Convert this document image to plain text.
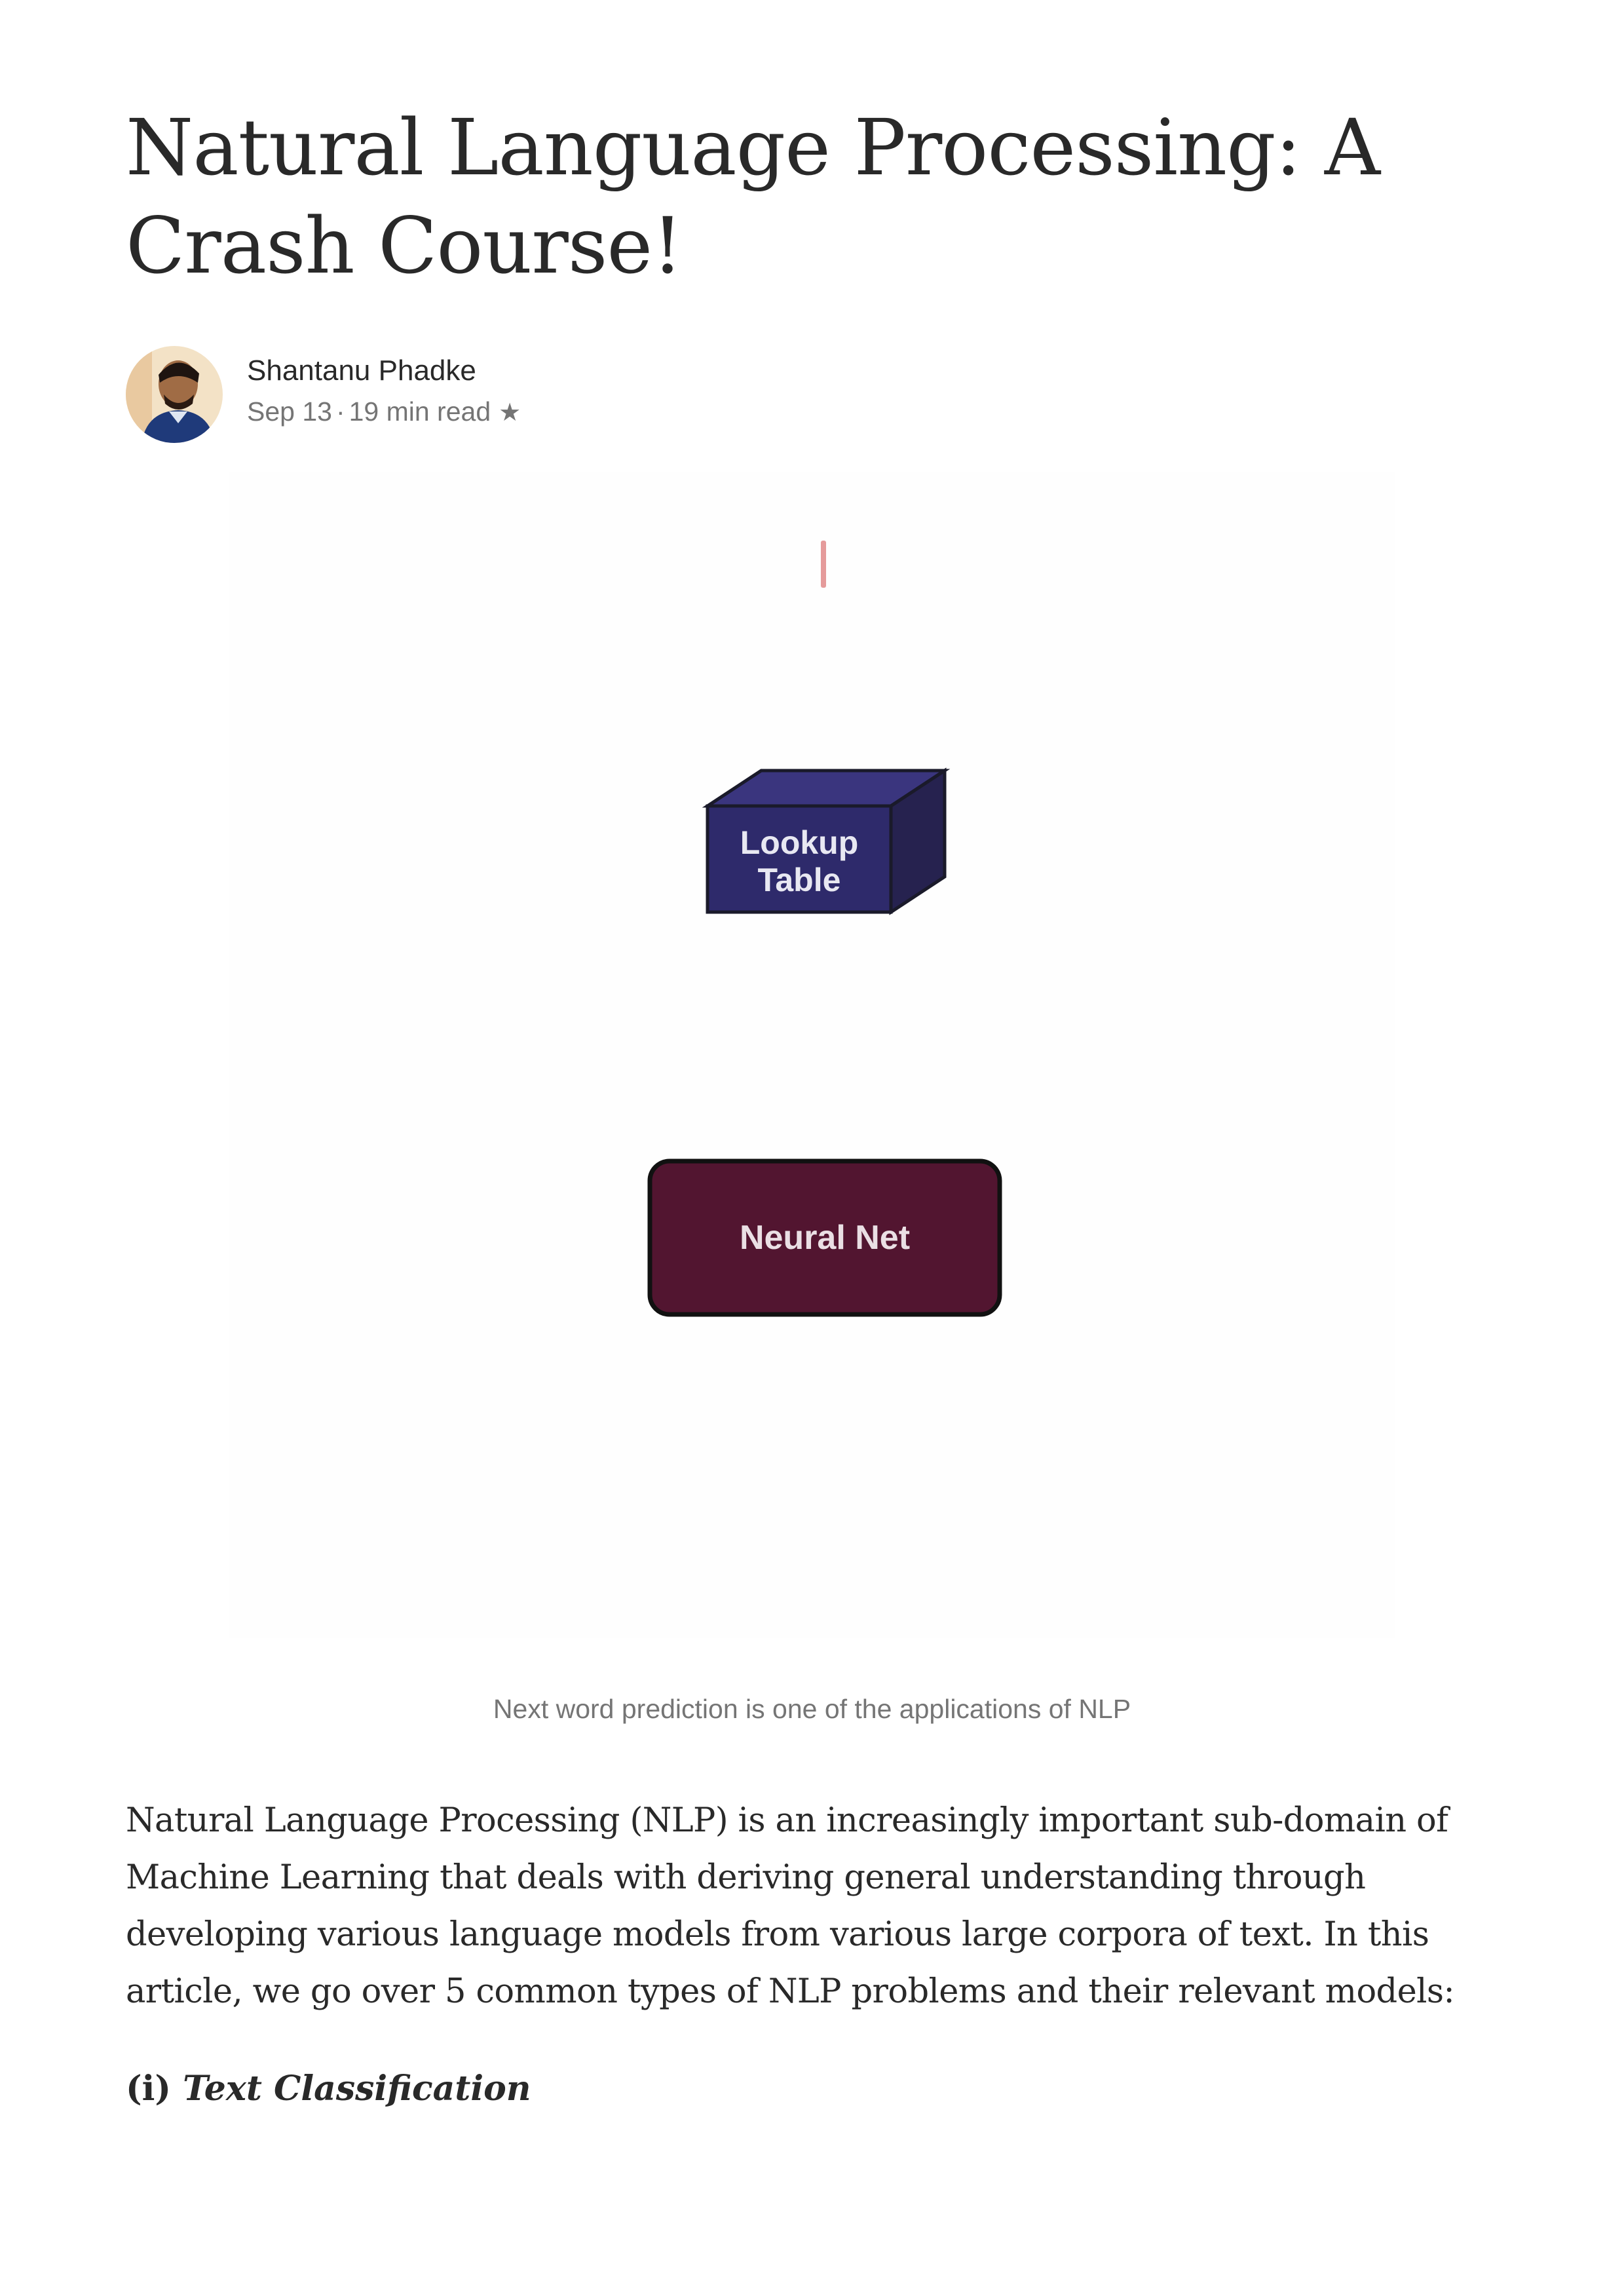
Natural Language Processing: A Crash Course!
Shantanu Phadke
Sep 13 · 19 min read ★
Lookup
Table
Neural Net
Next word prediction is one of the applications of NLP

Natural Language Processing (NLP) is an increasingly important sub-domain of Machine Learning that deals with deriving general understanding through developing various language models from various large corpora of text. In this article, we go over 5 common types of NLP problems and their relevant models:

(i) Text Classification
